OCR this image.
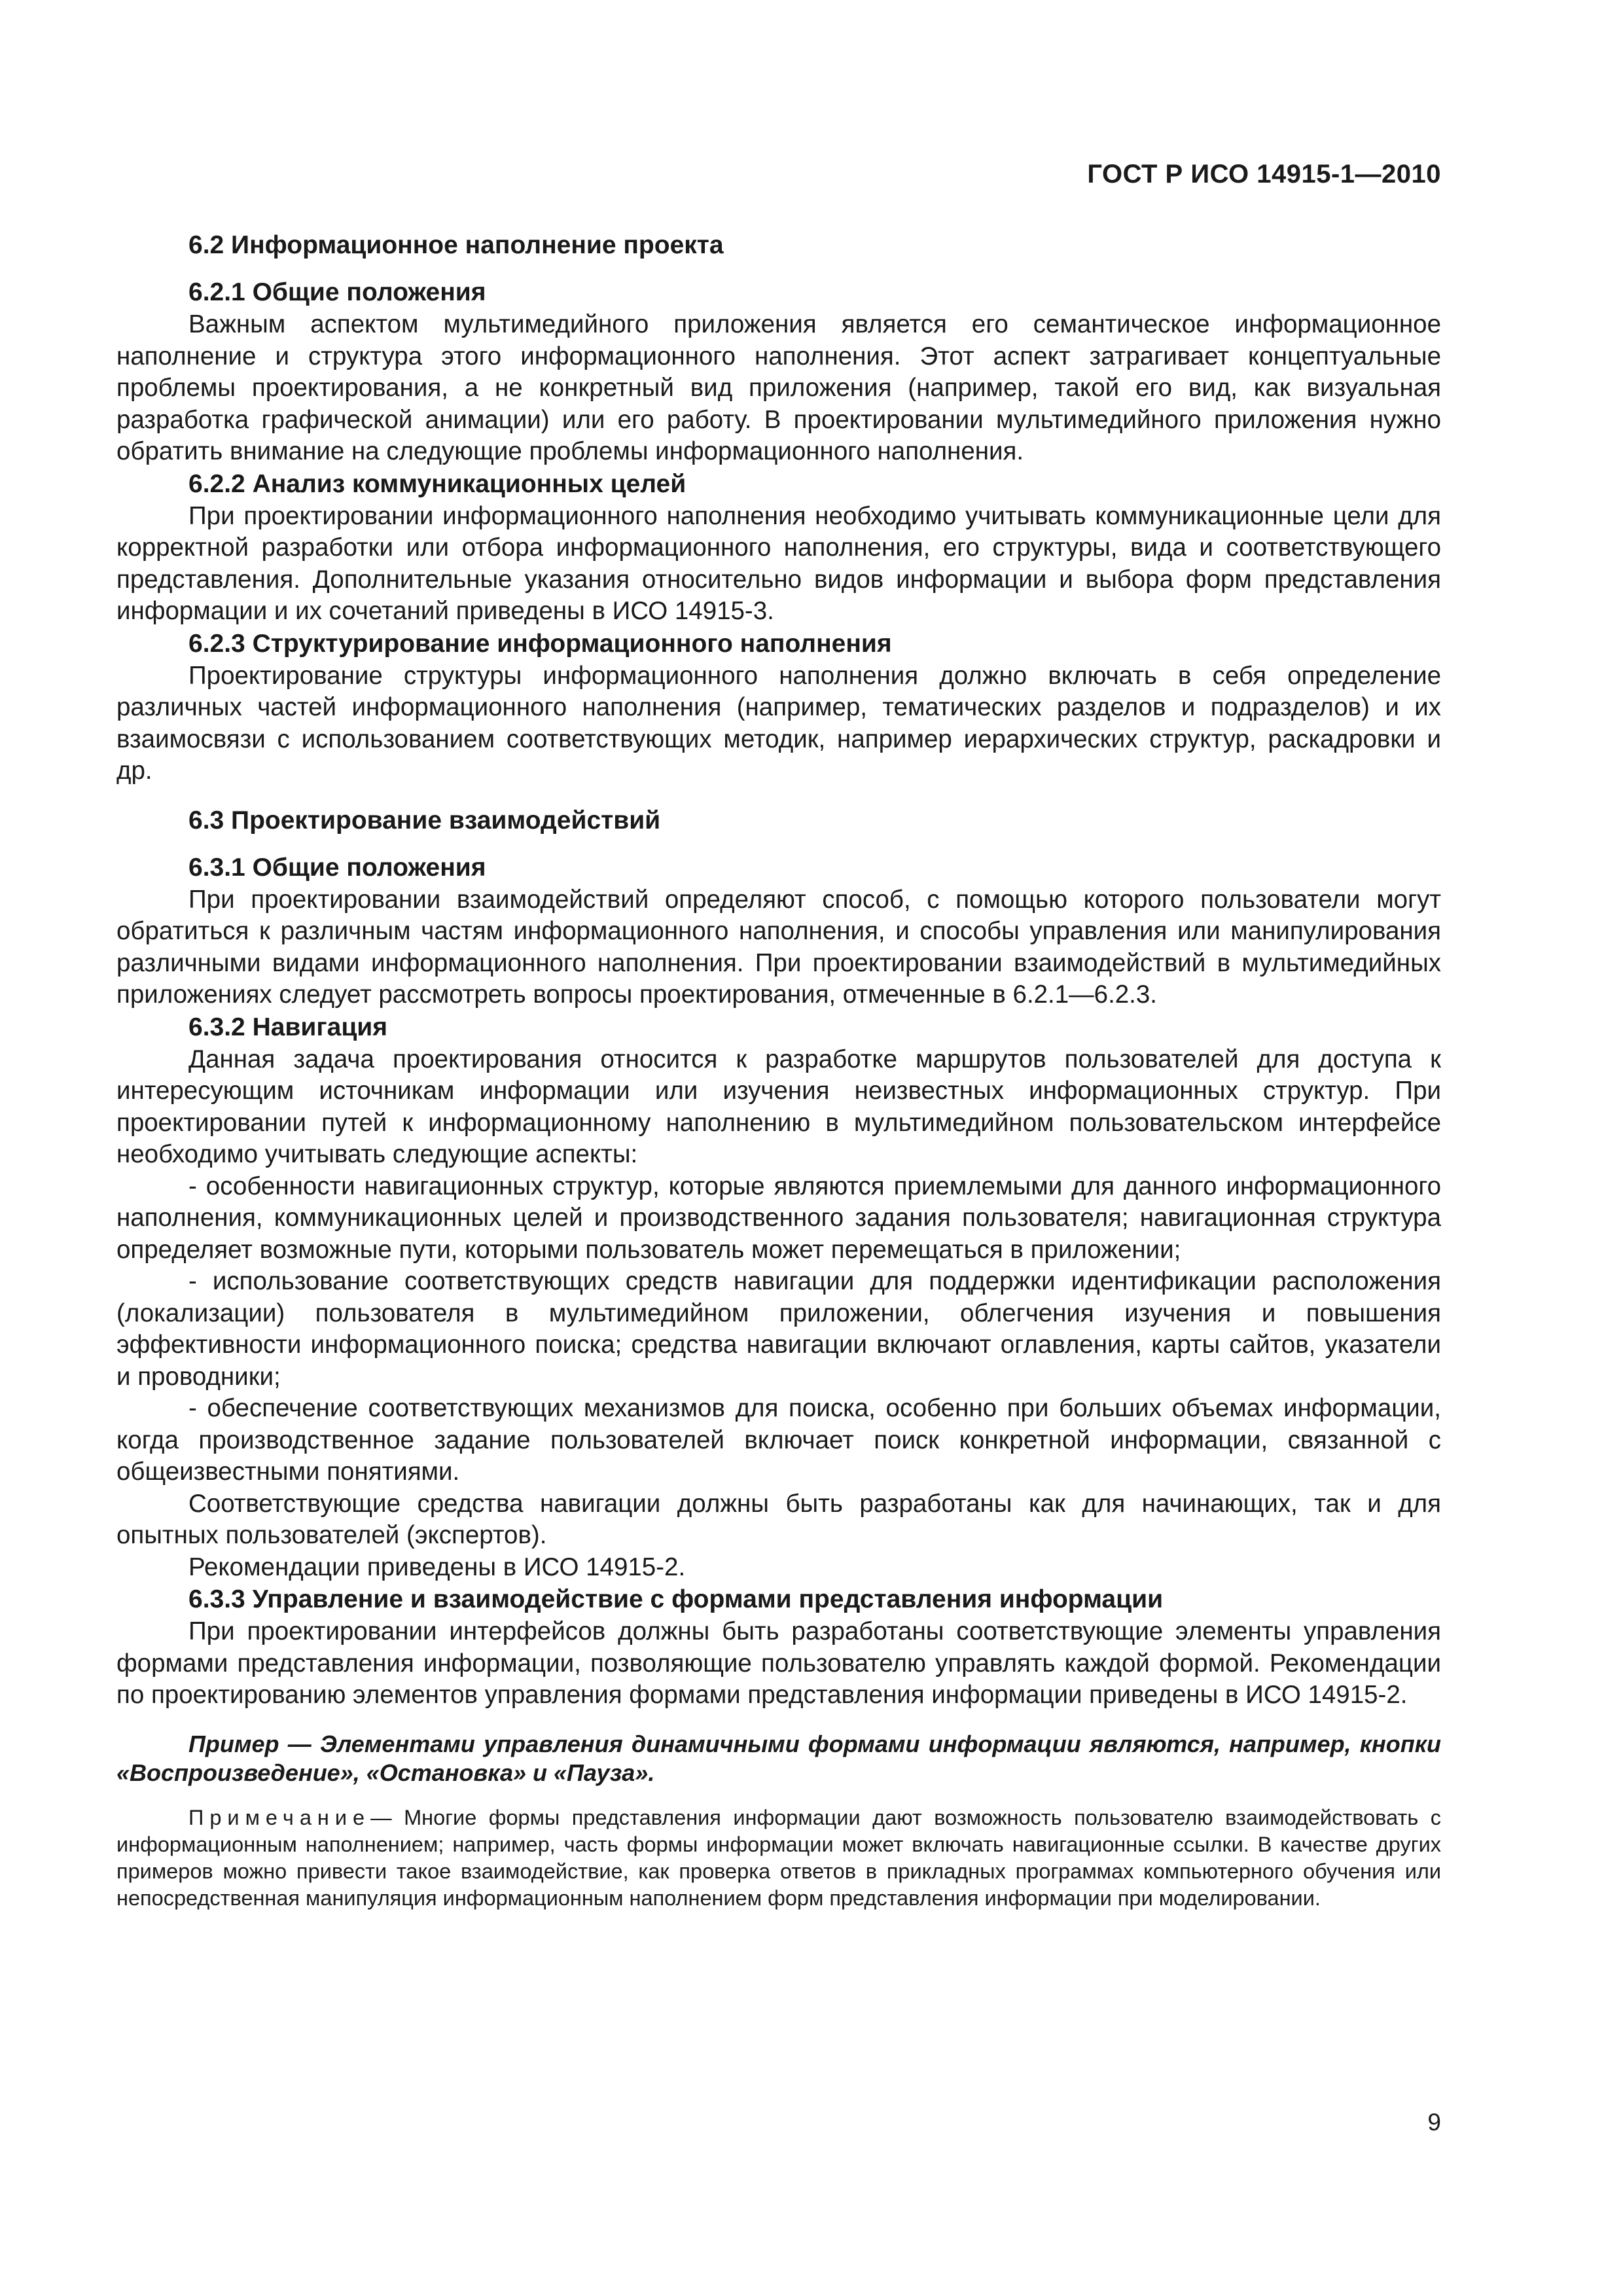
ГОСТ Р ИСО 14915-1—2010
6.2 Информационное наполнение проекта
6.2.1 Общие положения

Важным аспектом мультимедийного приложения является его семантическое информационное наполнение и структура этого информационного наполнения. Этот аспект затрагивает концептуальные проблемы проектирования, а не конкретный вид приложения (например, такой его вид, как визуальная разработка графической анимации) или его работу. В проектировании мультимедийного приложения нужно обратить внимание на следующие проблемы информационного наполнения.

6.2.2 Анализ коммуникационных целей

При проектировании информационного наполнения необходимо учитывать коммуникационные цели для корректной разработки или отбора информационного наполнения, его структуры, вида и соответствующего представления. Дополнительные указания относительно видов информации и выбора форм представления информации и их сочетаний приведены в ИСО 14915-3.

6.2.3 Структурирование информационного наполнения

Проектирование структуры информационного наполнения должно включать в себя определение различных частей информационного наполнения (например, тематических разделов и подразделов) и их взаимосвязи с использованием соответствующих методик, например иерархических структур, раскадровки и др.

6.3 Проектирование взаимодействий
6.3.1 Общие положения

При проектировании взаимодействий определяют способ, с помощью которого пользователи могут обратиться к различным частям информационного наполнения, и способы управления или манипулирования различными видами информационного наполнения. При проектировании взаимодействий в мультимедийных приложениях следует рассмотреть вопросы проектирования, отмеченные в 6.2.1—6.2.3.

6.3.2 Навигация

Данная задача проектирования относится к разработке маршрутов пользователей для доступа к интересующим источникам информации или изучения неизвестных информационных структур. При проектировании путей к информационному наполнению в мультимедийном пользовательском интерфейсе необходимо учитывать следующие аспекты:

- особенности навигационных структур, которые являются приемлемыми для данного информационного наполнения, коммуникационных целей и производственного задания пользователя; навигационная структура определяет возможные пути, которыми пользователь может перемещаться в приложении;

- использование соответствующих средств навигации для поддержки идентификации расположения (локализации) пользователя в мультимедийном приложении, облегчения изучения и повышения эффективности информационного поиска; средства навигации включают оглавления, карты сайтов, указатели и проводники;

- обеспечение соответствующих механизмов для поиска, особенно при больших объемах информации, когда производственное задание пользователей включает поиск конкретной информации, связанной с общеизвестными понятиями.

Соответствующие средства навигации должны быть разработаны как для начинающих, так и для опытных пользователей (экспертов).

Рекомендации приведены в ИСО 14915-2.

6.3.3 Управление и взаимодействие с формами представления информации

При проектировании интерфейсов должны быть разработаны соответствующие элементы управления формами представления информации, позволяющие пользователю управлять каждой формой. Рекомендации по проектированию элементов управления формами представления информации приведены в ИСО 14915-2.

Пример — Элементами управления динамичными формами информации являются, например, кнопки «Воспроизведение», «Остановка» и «Пауза».

Примечание— Многие формы представления информации дают возможность пользователю взаимодействовать с информационным наполнением; например, часть формы информации может включать навигационные ссылки. В качестве других примеров можно привести такое взаимодействие, как проверка ответов в прикладных программах компьютерного обучения или непосредственная манипуляция информационным наполнением форм представления информации при моделировании.

9
